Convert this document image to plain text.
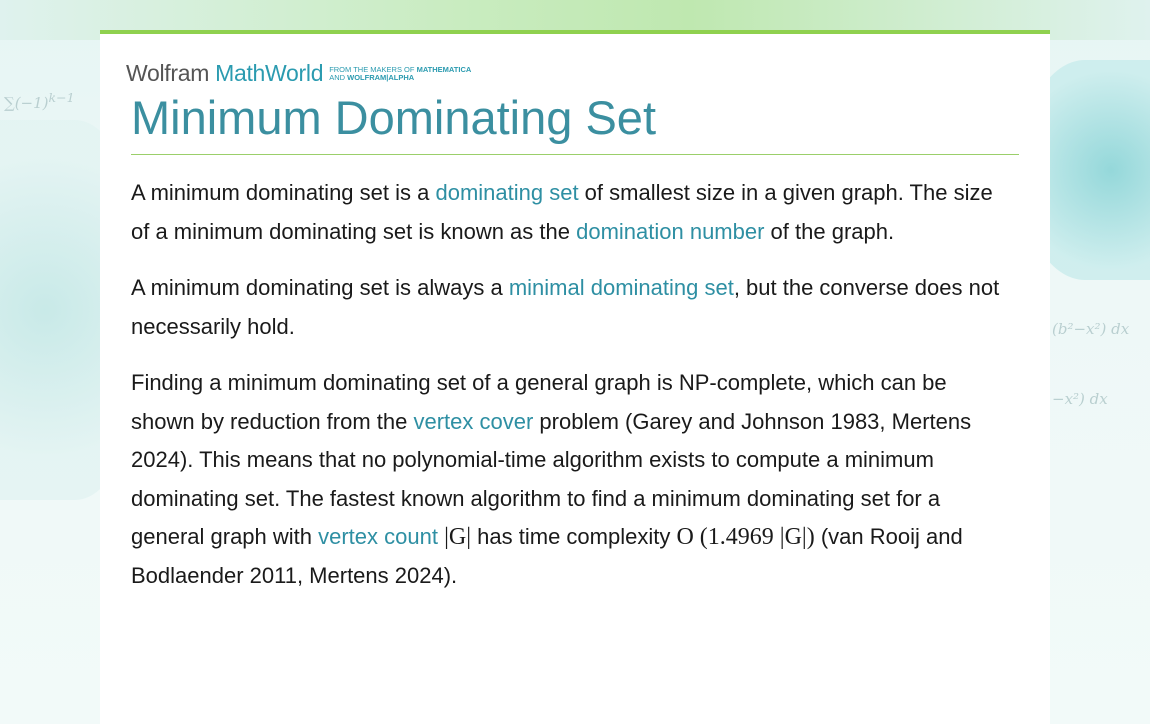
$\sum(-1)^{k-1}$
(b²−x²) dx
−x²) dx
Wolfram MathWorld FROM THE MAKERS OF MATHEMATICA
AND WOLFRAM|ALPHA
Minimum Dominating Set

A minimum dominating set is a dominating set of smallest size in a given graph. The size of a minimum dominating set is known as the domination number of the graph.

A minimum dominating set is always a minimal dominating set, but the converse does not necessarily hold.

Finding a minimum dominating set of a general graph is NP-complete, which can be shown by reduction from the vertex cover problem (Garey and Johnson 1983, Mertens 2024). This means that no polynomial-time algorithm exists to compute a minimum dominating set. The fastest known algorithm to find a minimum dominating set for a general graph with vertex count |G| has time complexity O (1.4969 |G|) (van Rooij and Bodlaender 2011, Mertens 2024).
